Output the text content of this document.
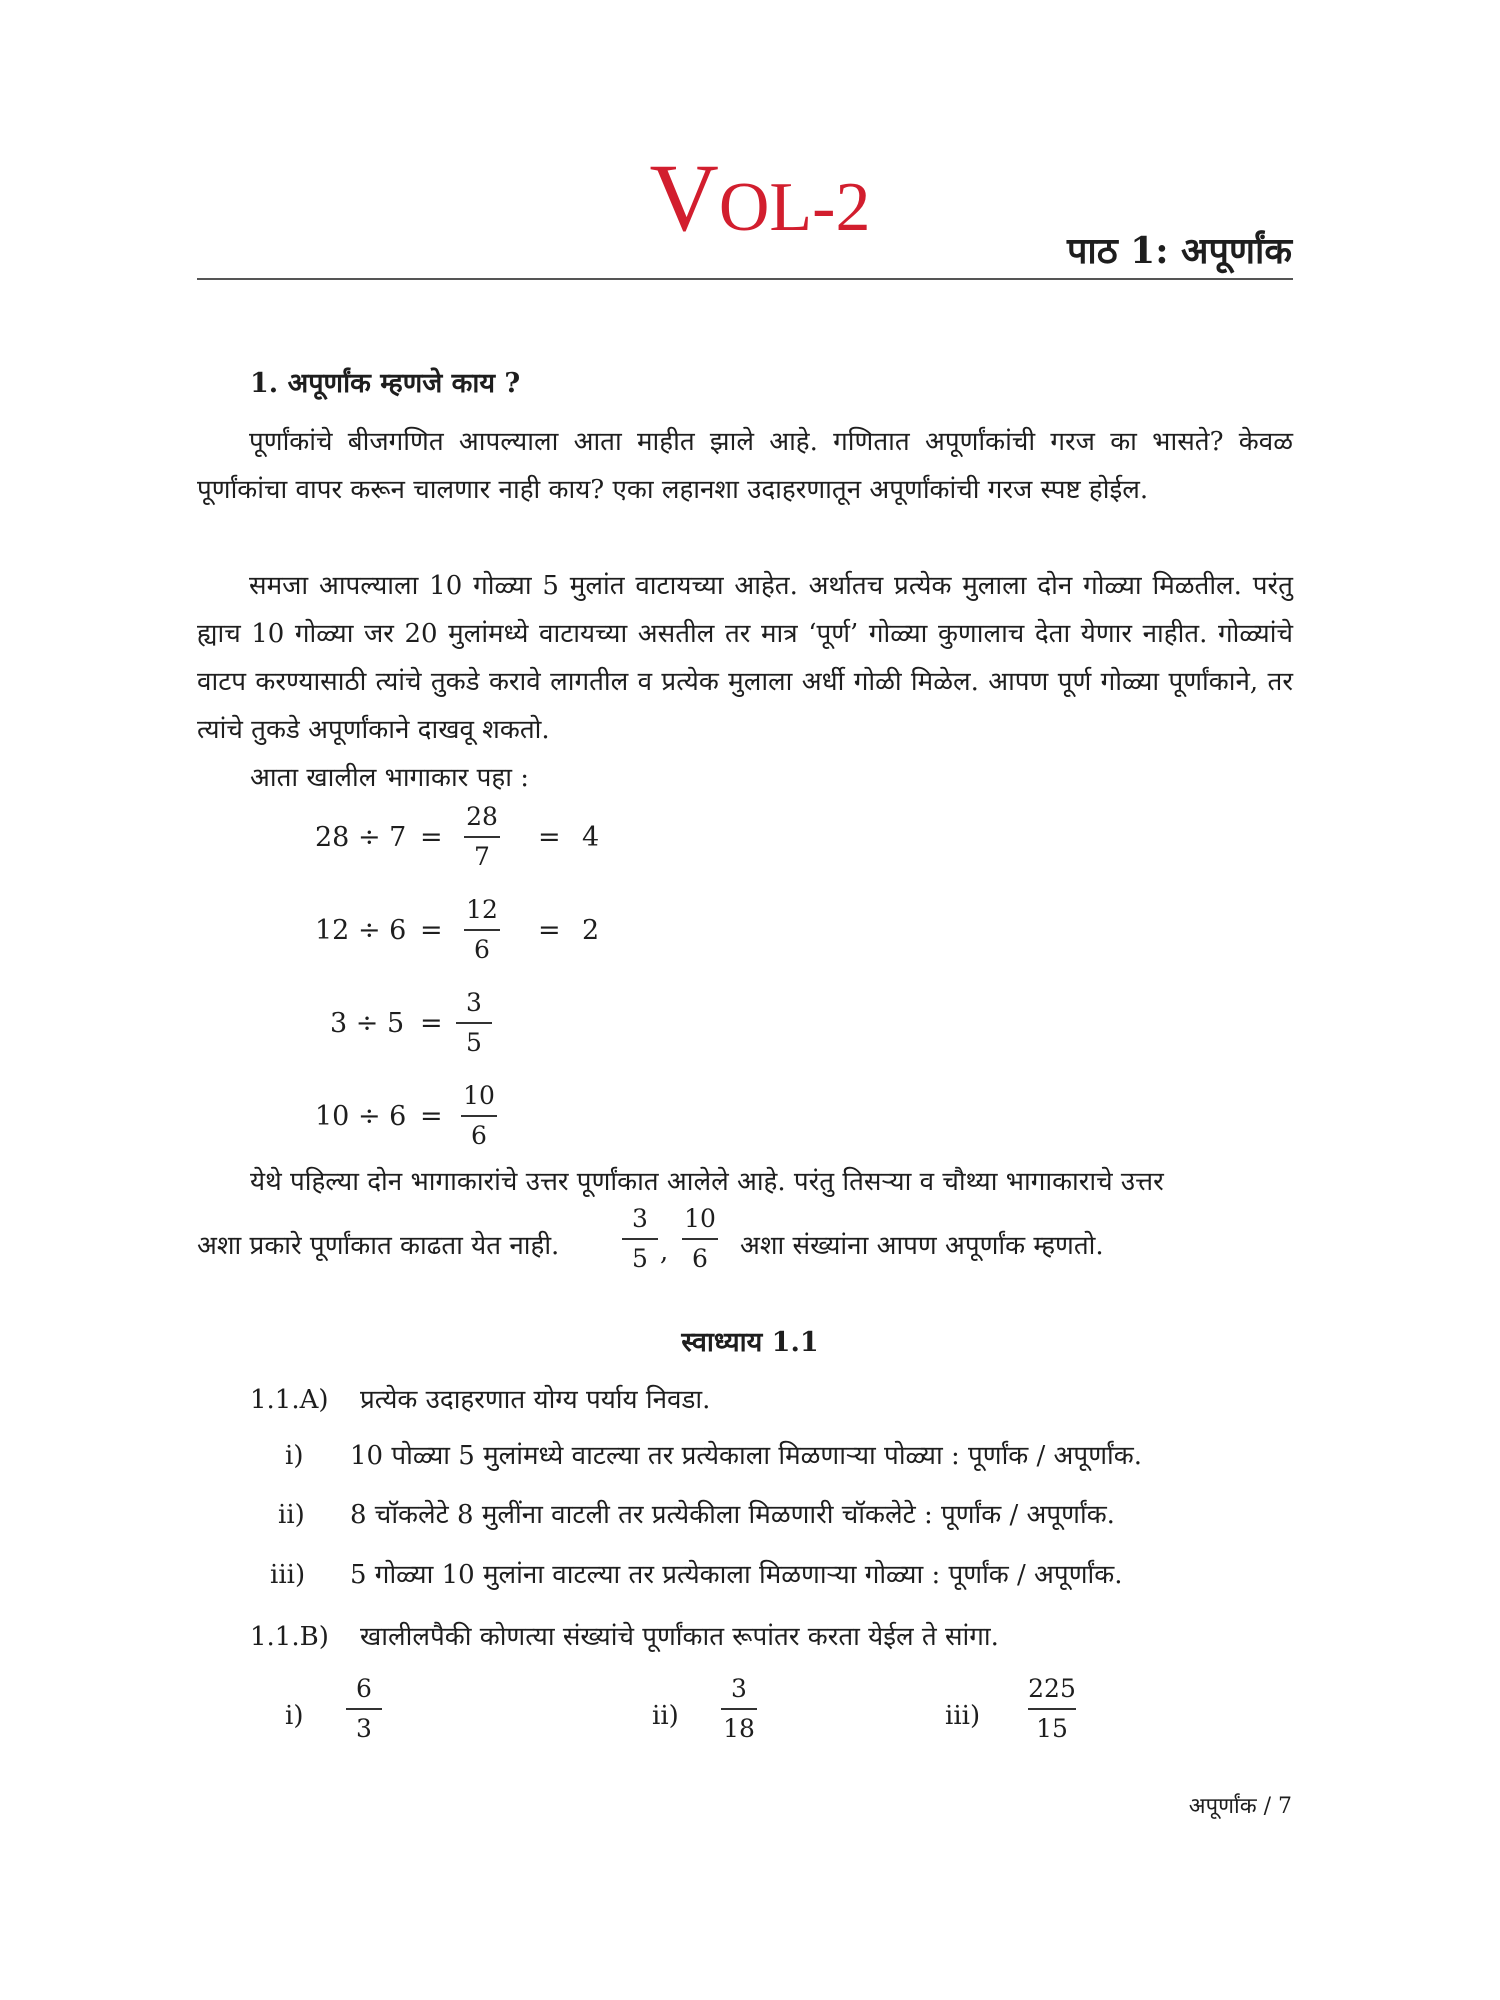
VOL-2
पाठ 1: अपूर्णांक
1. अपूर्णांक म्हणजे काय ?
पूर्णांकांचे बीजगणित आपल्याला आता माहीत झाले आहे. गणितात अपूर्णांकांची गरज का भासते? केवळ पूर्णांकांचा वापर करून चालणार नाही काय? एका लहानशा उदाहरणातून अपूर्णांकांची गरज स्पष्ट होईल.
समजा आपल्याला 10 गोळ्या 5 मुलांत वाटायच्या आहेत. अर्थातच प्रत्येक मुलाला दोन गोळ्या मिळतील. परंतु ह्याच 10 गोळ्या जर 20 मुलांमध्ये वाटायच्या असतील तर मात्र ‘पूर्ण’ गोळ्या कुणालाच देता येणार नाहीत. गोळ्यांचे वाटप करण्यासाठी त्यांचे तुकडे करावे लागतील व प्रत्येक मुलाला अर्धी गोळी मिळेल. आपण पूर्ण गोळ्या पूर्णांकाने, तर त्यांचे तुकडे अपूर्णांकाने दाखवू शकतो.
आता खालील भागाकार पहा :
28 ÷ 7 =
28
7
= 4
12 ÷ 6 =
12
6
= 2
3 ÷ 5 =
3
5
10 ÷ 6 =
10
6
येथे पहिल्या दोन भागाकारांचे उत्तर पूर्णांकात आलेले आहे. परंतु तिसऱ्या व चौथ्या भागाकाराचे उत्तर
अशा प्रकारे पूर्णांकात काढता येत नाही.
3
5 ,
10
6	अशा संख्यांना आपण अपूर्णांक म्हणतो.
स्वाध्याय 1.1
1.1.A) प्रत्येक उदाहरणात योग्य पर्याय निवडा.
i) 10 पोळ्या 5 मुलांमध्ये वाटल्या तर प्रत्येकाला मिळणाऱ्या पोळ्या : पूर्णांक / अपूर्णांक.
ii) 8 चॉकलेटे 8 मुलींना वाटली तर प्रत्येकीला मिळणारी चॉकलेटे : पूर्णांक / अपूर्णांक.
iii) 5 गोळ्या 10 मुलांना वाटल्या तर प्रत्येकाला मिळणाऱ्या गोळ्या : पूर्णांक / अपूर्णांक.
1.1.B) खालीलपैकी कोणत्या संख्यांचे पूर्णांकात रूपांतर करता येईल ते सांगा.
i)
6
3	ii)
3
18	iii)
225
15
अपूर्णांक / 7
